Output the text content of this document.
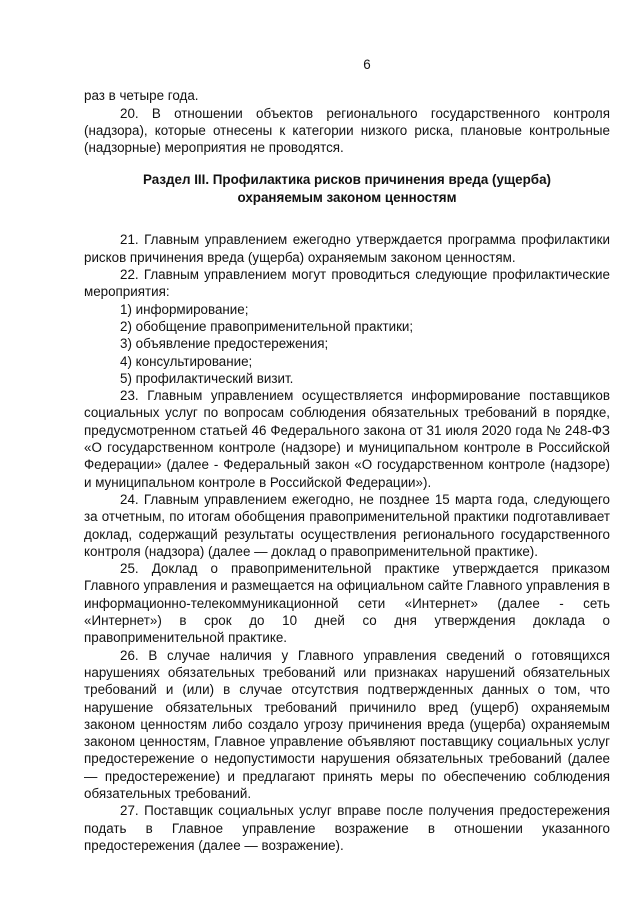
6

раз в четыре года.

20. В отношении объектов регионального государственного контроля (надзора), которые отнесены к категории низкого риска, плановые контрольные (надзорные) мероприятия не проводятся.

Раздел III. Профилактика рисков причинения вреда (ущерба)
охраняемым законом ценностям

21. Главным управлением ежегодно утверждается программа профилактики рисков причинения вреда (ущерба) охраняемым законом ценностям.

22. Главным управлением могут проводиться следующие профилактические мероприятия:

1) информирование;

2) обобщение правоприменительной практики;

3) объявление предостережения;

4) консультирование;

5) профилактический визит.

23. Главным управлением осуществляется информирование поставщиков социальных услуг по вопросам соблюдения обязательных требований в порядке, предусмотренном статьей 46 Федерального закона от 31 июля 2020 года № 248-ФЗ «О государственном контроле (надзоре) и муниципальном контроле в Российской Федерации» (далее - Федеральный закон «О государственном контроле (надзоре) и муниципальном контроле в Российской Федерации»).

24. Главным управлением ежегодно, не позднее 15 марта года, следующего за отчетным, по итогам обобщения правоприменительной практики подготавливает доклад, содержащий результаты осуществления регионального государственного контроля (надзора) (далее — доклад о правоприменительной практике).

25. Доклад о правоприменительной практике утверждается приказом Главного управления и размещается на официальном сайте Главного управления в информационно-телекоммуникационной сети «Интернет» (далее - сеть «Интернет») в срок до 10 дней со дня утверждения доклада о правоприменительной практике.

26. В случае наличия у Главного управления сведений о готовящихся нарушениях обязательных требований или признаках нарушений обязательных требований и (или) в случае отсутствия подтвержденных данных о том, что нарушение обязательных требований причинило вред (ущерб) охраняемым законом ценностям либо создало угрозу причинения вреда (ущерба) охраняемым законом ценностям, Главное управление объявляют поставщику социальных услуг предостережение о недопустимости нарушения обязательных требований (далее — предостережение) и предлагают принять меры по обеспечению соблюдения обязательных требований.

27. Поставщик социальных услуг вправе после получения предостережения подать в Главное управление возражение в отношении указанного предостережения (далее — возражение).
